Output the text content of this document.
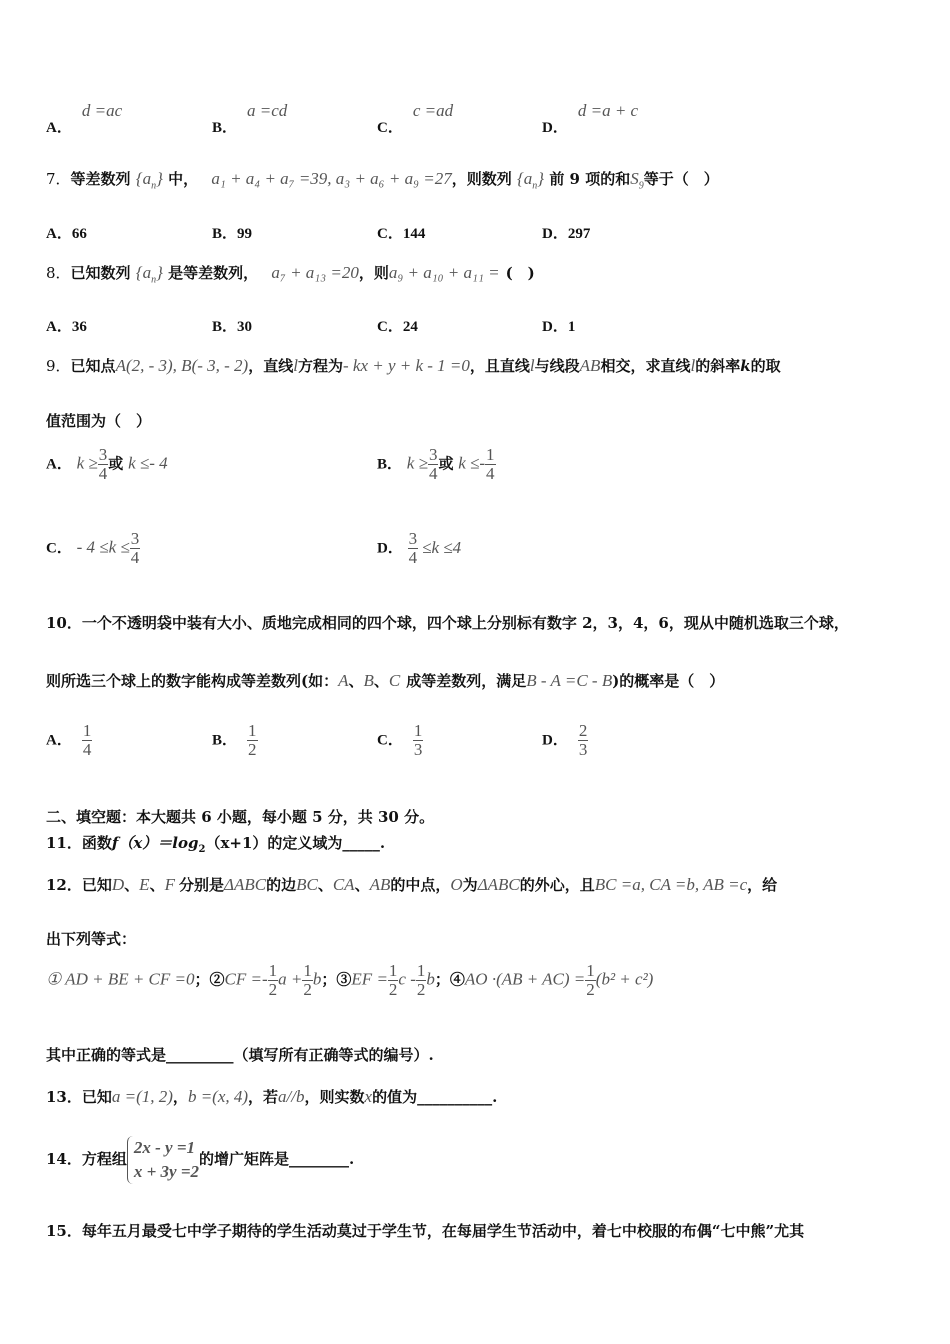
A．d =ac
B．a =cd
C．c =ad
D．d =a + c
7．等差数列 $\{a_n\}$ 中， a₁ + a₄ + a₇ =39, a₃ + a₆ + a₉ =27，则数列 $\{a_n\}$ 前 9 项的和$S_9$等于（　）
A．66	B．99	C．144	D．297
8．已知数列 $\{a_n\}$ 是等差数列， a₇ + a₁₃ =20，则a₉ + a₁₀ + a₁₁ = (　)
A．36	B．30	C．24	D．1
9．已知点A(2, - 3), B(- 3, - 2)，直线l方程为- kx + y + k - 1 =0，且直线l与线段AB相交，求直线l的斜率k的取
值范围为（　）
A． $k \ge \frac{3}{4}$ 或 k ≤- 4	B． $k \ge \frac{3}{4}$ 或 $k \le- \frac{1}{4}$
C． - $4 \le k \le \frac{3}{4}$	D． $\frac{3}{4} \le k \le 4$
10．一个不透明袋中装有大小、质地完成相同的四个球，四个球上分别标有数字 2，3，4，6，现从中随机选取三个球，
则所选三个球上的数字能构成等差数列(如：A、B、C 成等差数列，满足B - A =C - B)的概率是（　）
A． $\frac{1}{4}$	B． $\frac{1}{2}$	C． $\frac{1}{3}$	D． $\frac{2}{3}$
二、填空题：本大题共 6 小题，每小题 5 分，共 30 分。
11．函数$f(x)=\log_2(x+1)$的定义域为_____.
12．已知D、E、F 分别是ΔABC的边BC、CA、AB的中点，O为ΔABC的外心，且BC =a, CA =b, AB =c，给
出下列等式：
① AD + BE + CF =0；②CF =- $\frac{1}{2}$ $a + \frac{1}{2}$ b；③EF = $\frac{1}{2}$ c - $\frac{1}{2}$ b；④AO $\cdot(AB + AC) = \frac{1}{2} (b^2 + c^2)$
其中正确的等式是_________（填写所有正确等式的编号）.
13．已知a =(1, 2)，b =(x, 4)，若a//b，则实数x的值为__________.
14．方程组
2x - y =1
x + 3y =2
的增广矩阵是________.
15．每年五月最受七中学子期待的学生活动莫过于学生节，在每届学生节活动中，着七中校服的布偶“七中熊”尤其
